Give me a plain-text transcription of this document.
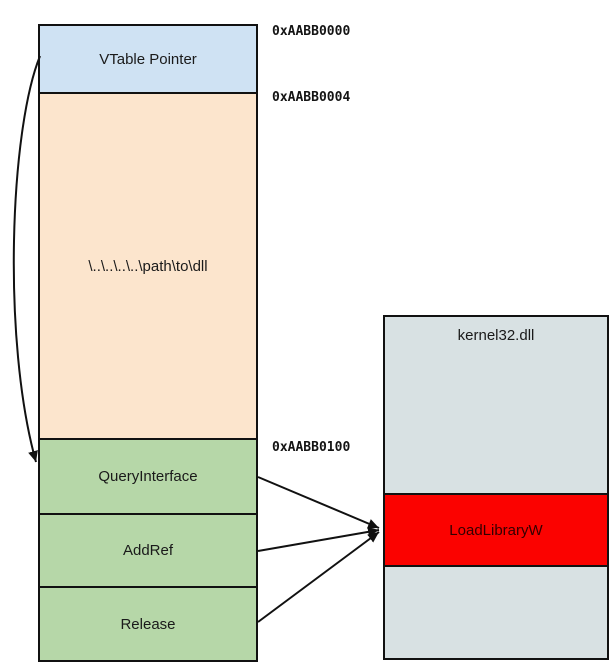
VTable Pointer
\..\..\..\..\path\to\dll
QueryInterface
AddRef
Release
0xAABB0000
0xAABB0004
0xAABB0100
kernel32.dll
LoadLibraryW
